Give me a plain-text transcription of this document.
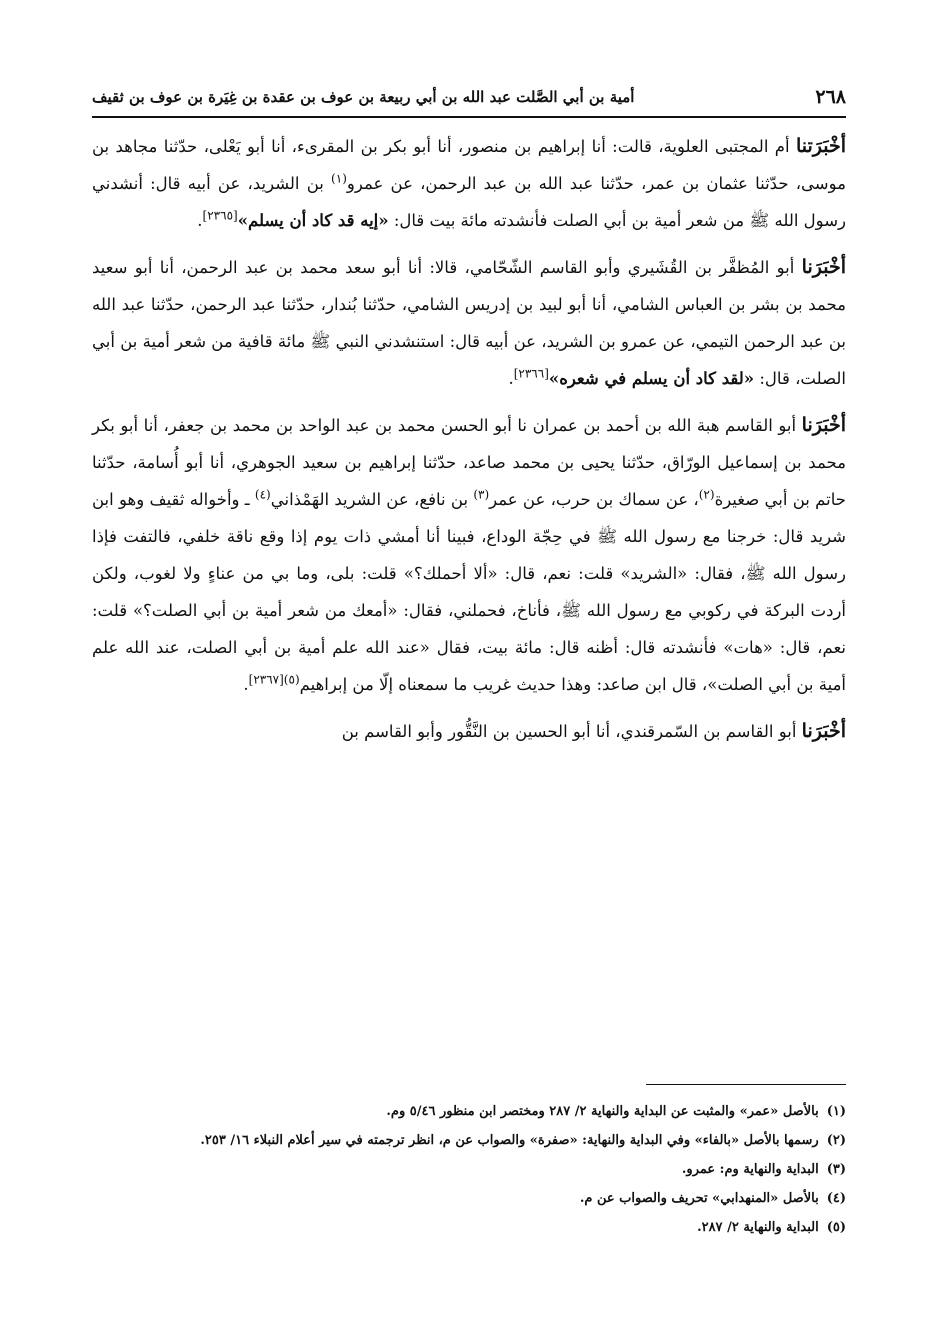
٢٦٨
أمية بن أبي الصَّلت عبد الله بن أبي ربيعة بن عوف بن عقدة بن غِيَرة بن عوف بن ثقيف

أخْبَرَتنا أم المجتبى العلوية، قالت: أنا إبراهيم بن منصور، أنا أبو بكر بن المقرىء، أنا أبو يَعْلى، حدّثنا مجاهد بن موسى، حدّثنا عثمان بن عمر، حدّثنا عبد الله بن عبد الرحمن، عن عمرو$^{(١)}$ بن الشريد، عن أبيه قال: أنشدني رسول الله ﷺ من شعر أمية بن أبي الصلت فأنشدته مائة بيت قال: «إيه قد كاد أن يسلم»[٢٣٦٥].

أخْبَرَنا أبو المُظفَّر بن القُشَيري وأبو القاسم الشّحّامي، قالا: أنا أبو سعد محمد بن عبد الرحمن، أنا أبو سعيد محمد بن بشر بن العباس الشامي، أنا أبو لبيد بن إدريس الشامي، حدّثنا بُندار، حدّثنا عبد الرحمن، حدّثنا عبد الله بن عبد الرحمن التيمي، عن عمرو بن الشريد، عن أبيه قال: استنشدني النبي ﷺ مائة قافية من شعر أمية بن أبي الصلت، قال: «لقد كاد أن يسلم في شعره»[٢٣٦٦].

أخْبَرَنا أبو القاسم هبة الله بن أحمد بن عمران نا أبو الحسن محمد بن عبد الواحد بن محمد بن جعفر، أنا أبو بكر محمد بن إسماعيل الورّاق، حدّثنا يحيى بن محمد صاعد، حدّثنا إبراهيم بن سعيد الجوهري، أنا أبو أُسامة، حدّثنا حاتم بن أبي صغيرة$^{(٢)}$، عن سماك بن حرب، عن عمر$^{(٣)}$ بن نافع، عن الشريد الهَمْذاني$^{(٤)}$ ـ وأخواله ثقيف وهو ابن شريد قال: خرجنا مع رسول الله ﷺ في حِجّة الوداع، فبينا أنا أمشي ذات يوم إذا وقع ناقة خلفي، فالتفت فإذا رسول الله ﷺ، فقال: «الشريد» قلت: نعم، قال: «ألا أحملك؟» قلت: بلى، وما بي من عناءٍ ولا لغوب، ولكن أردت البركة في ركوبي مع رسول الله ﷺ، فأناخ، فحملني، فقال: «أمعك من شعر أمية بن أبي الصلت؟» قلت: نعم، قال: «هات» فأنشدته قال: أظنه قال: مائة بيت، فقال «عند الله علم أمية بن أبي الصلت، عند الله علم أمية بن أبي الصلت»، قال ابن صاعد: وهذا حديث غريب ما سمعناه إلّا من إبراهيم$^{(٥)[٢٣٦٧]}$.

أخْبَرَنا أبو القاسم بن السّمرقندي، أنا أبو الحسين بن النَّقُّور وأبو القاسم بن

(١)
بالأصل «عمر» والمثبت عن البداية والنهاية ٢/ ٢٨٧ ومختصر ابن منظور ٥/٤٦ وم.
(٢)
رسمها بالأصل «بالفاء» وفي البداية والنهاية: «صفرة» والصواب عن م، انظر ترجمته في سير أعلام النبلاء ١٦/ ٢٥٣.
(٣)
البداية والنهاية وم: عمرو.
(٤)
بالأصل «المنهدابي» تحريف والصواب عن م.
(٥)
البداية والنهاية ٢/ ٢٨٧.
